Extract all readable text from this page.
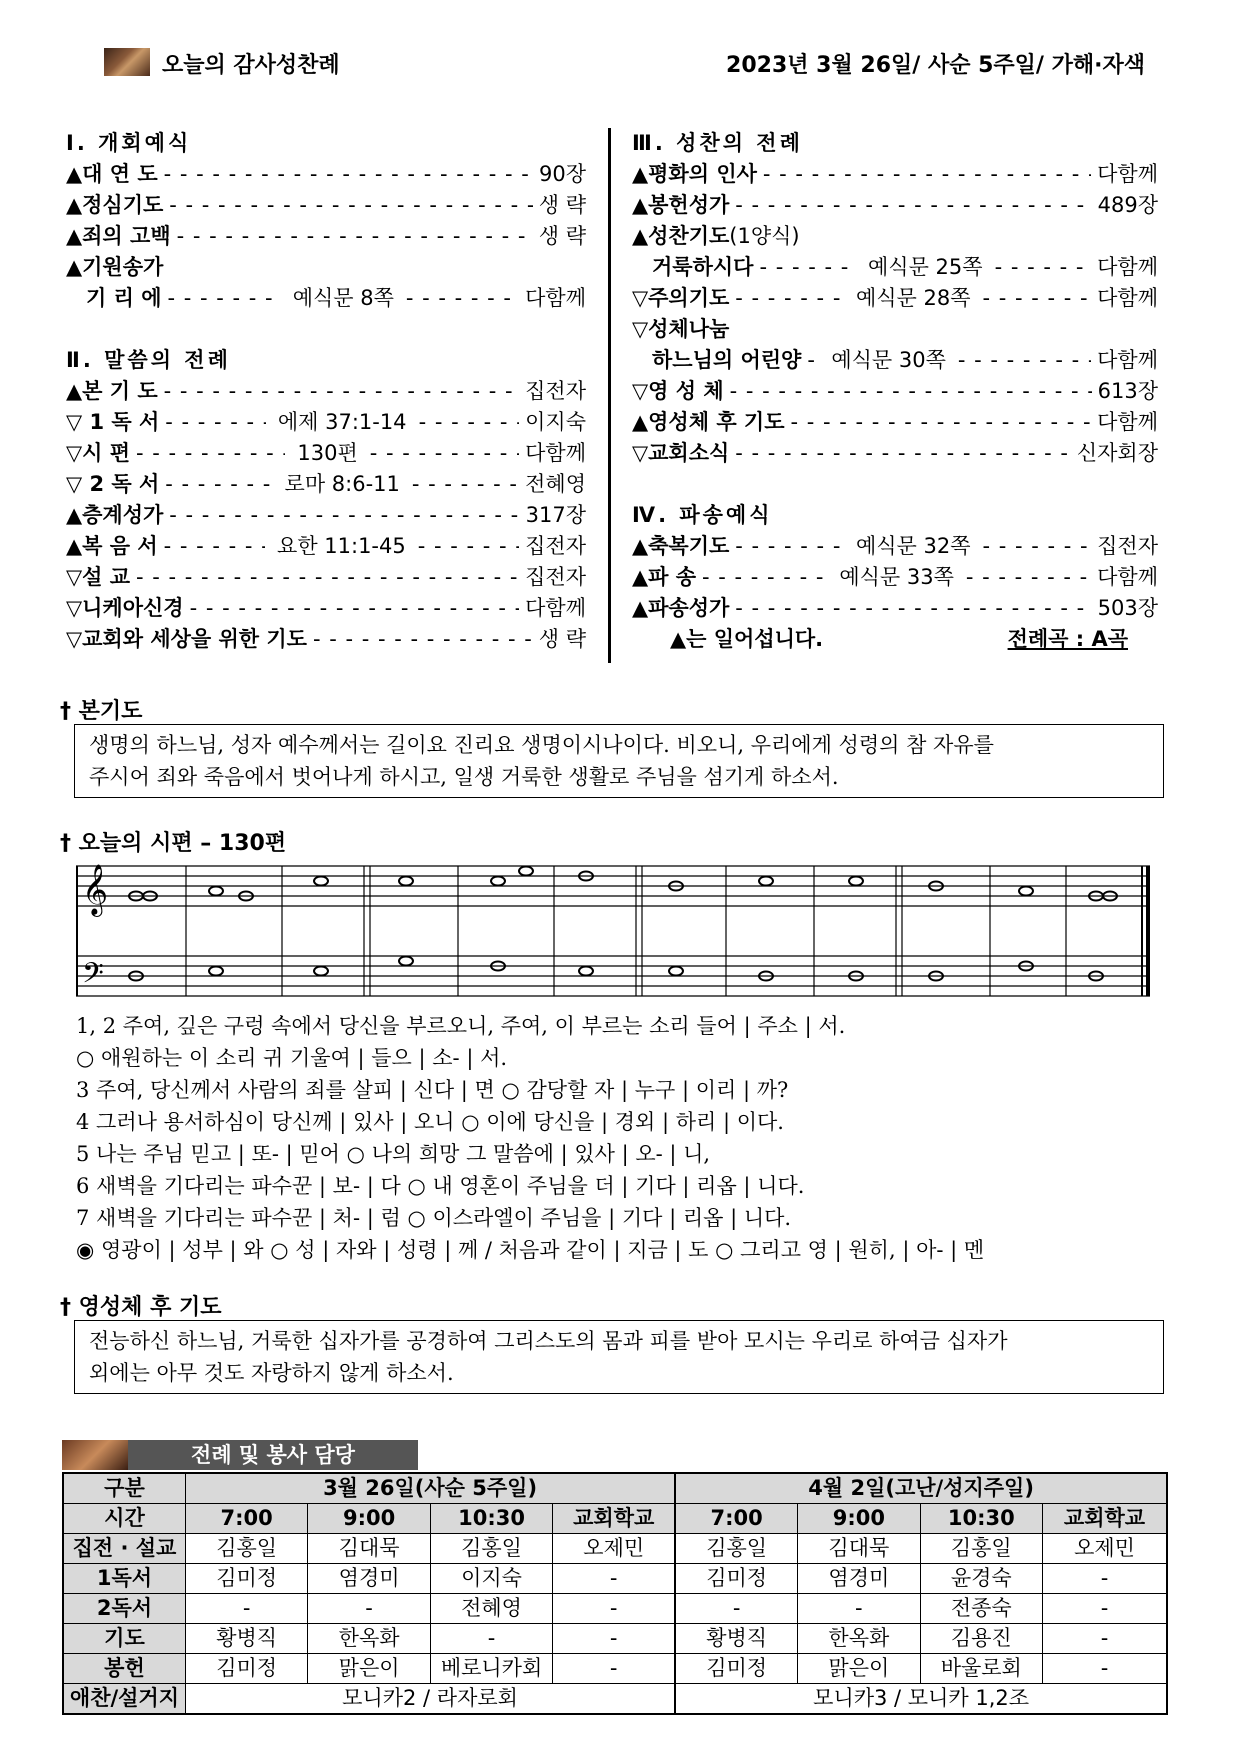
오늘의 감사성찬례	2023년 3월 26일/ 사순 5주일/ 가해·자색
Ⅰ. 개회예식
▲대 연 도 - - -	90장
▲정심기도 - - -	생 략
▲죄의 고백 - - -	생 략
▲기원송가
기 리 에 - - -	예식문 8쪽 - - -	다함께
Ⅱ. 말씀의 전례
▲본 기 도 - - -	집전자
▽ 1 독 서 - - -	에제 37:1-14 - - -	이지숙
▽시 편 - - -	130편 - - -	다함께
▽ 2 독 서 - - -	로마 8:6-11 - - -	전혜영
▲층계성가 - - -	317장
▲복 음 서 - - -	요한 11:1-45 - - -	집전자
▽설 교 - - -	집전자
▽니케아신경 - - -	다함께
▽교회와 세상을 위한 기도 - - -	생 략
Ⅲ. 성찬의 전례
▲평화의 인사 - - -	다함께
▲봉헌성가 - - -	489장
▲성찬기도 (1양식)
거룩하시다 - - -	예식문 25쪽 - - -	다함께
▽주의기도 - - -	예식문 28쪽 - - -	다함께
▽성체나눔
하느님의 어린양 - - - 예식문 30쪽 - - -	다함께
▽영 성 체 - - -	613장
▲영성체 후 기도 - - -	다함께
▽교회소식 - - -	신자회장
Ⅳ. 파송예식
▲축복기도 - - -	예식문 32쪽 - - -	집전자
▲파 송 - - -	예식문 33쪽 - - -	다함께
▲파송성가 - - -	503장
▲는 일어섭니다.	전례곡 : A곡
† 본기도
생명의 하느님, 성자 예수께서는 길이요 진리요 생명이시나이다. 비오니, 우리에게 성령의 참 자유를
주시어 죄와 죽음에서 벗어나게 하시고, 일생 거룩한 생활로 주님을 섬기게 하소서.
† 오늘의 시편 – 130편
𝄞
𝄢
1, 2 주여, 깊은 구렁 속에서 당신을 부르오니, 주여, 이 부르는 소리 들어 | 주소 | 서.
○ 애원하는 이 소리 귀 기울여 | 들으 | 소- | 서.
3 주여, 당신께서 사람의 죄를 살피 | 신다 | 면 ○ 감당할 자 | 누구 | 이리 | 까?
4 그러나 용서하심이 당신께 | 있사 | 오니 ○ 이에 당신을 | 경외 | 하리 | 이다.
5 나는 주님 믿고 | 또- | 믿어 ○ 나의 희망 그 말씀에 | 있사 | 오- | 니,
6 새벽을 기다리는 파수꾼 | 보- | 다 ○ 내 영혼이 주님을 더 | 기다 | 리옵 | 니다.
7 새벽을 기다리는 파수꾼 | 처- | 럼 ○ 이스라엘이 주님을 | 기다 | 리옵 | 니다.
◉ 영광이 | 성부 | 와 ○ 성 | 자와 | 성령 | 께 / 처음과 같이 | 지금 | 도 ○ 그리고 영 | 원히, | 아- | 멘
† 영성체 후 기도
전능하신 하느님, 거룩한 십자가를 공경하여 그리스도의 몸과 피를 받아 모시는 우리로 하여금 십자가
외에는 아무 것도 자랑하지 않게 하소서.
전례 및 봉사 담당
구분	3월 26일(사순 5주일)				4월 2일(고난/성지주일)			
시간	7:00	9:00	10:30	교회학교	7:00	9:00	10:30	교회학교
집전 · 설교	김홍일	김대묵	김홍일	오제민	김홍일	김대묵	김홍일	오제민
1독서	김미정	염경미	이지숙	-	김미정	염경미	윤경숙	-
2독서	-	-	전혜영	-	-	-	전종숙	-
기도	황병직	한옥화	-	-	황병직	한옥화	김용진	-
봉헌	김미정	맑은이	베로니카회	-	김미정	맑은이	바울로회	-
애찬/설거지	모니카2 / 라자로회				모니카3 / 모니카 1,2조			
